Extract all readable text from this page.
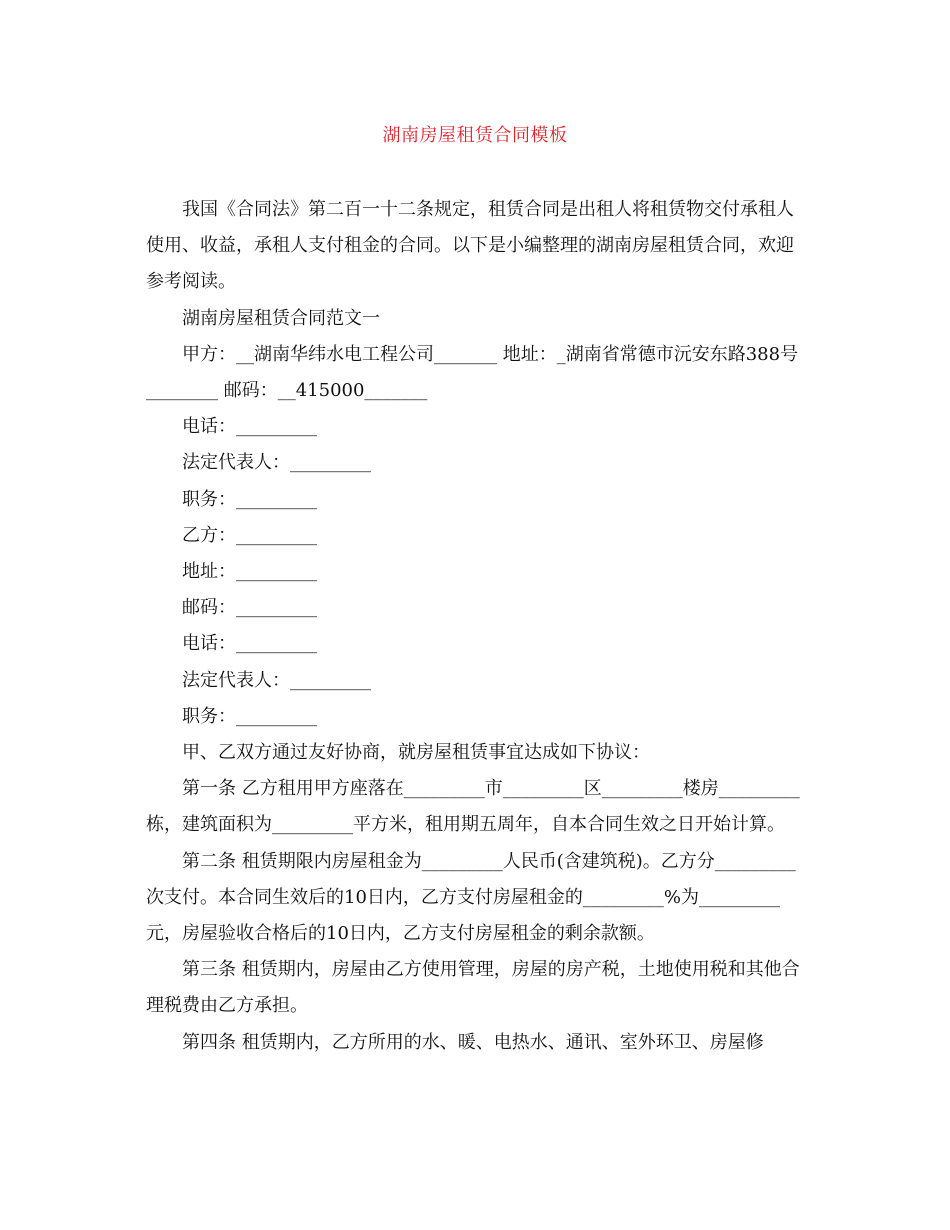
湖南房屋租赁合同模板

我国《合同法》第二百一十二条规定，租赁合同是出租人将租赁物交付承租人使用、收益，承租人支付租金的合同。以下是小编整理的湖南房屋租赁合同，欢迎参考阅读。

湖南房屋租赁合同范文一

甲方：__湖南华纬水电工程公司_______ 地址：_湖南省常德市沅安东路388号________ 邮码：__415000_______

电话：_________

法定代表人：_________

职务：_________

乙方：_________

地址：_________

邮码：_________

电话：_________

法定代表人：_________

职务：_________

甲、乙双方通过友好协商，就房屋租赁事宜达成如下协议：

第一条 乙方租用甲方座落在_________市_________区_________楼房_________栋，建筑面积为_________平方米，租用期五周年，自本合同生效之日开始计算。

第二条 租赁期限内房屋租金为_________人民币(含建筑税)。乙方分_________次支付。本合同生效后的10日内，乙方支付房屋租金的_________%为_________元，房屋验收合格后的10日内，乙方支付房屋租金的剩余款额。

第三条 租赁期内，房屋由乙方使用管理，房屋的房产税，土地使用税和其他合理税费由乙方承担。

第四条 租赁期内，乙方所用的水、暖、电热水、通讯、室外环卫、房屋修
